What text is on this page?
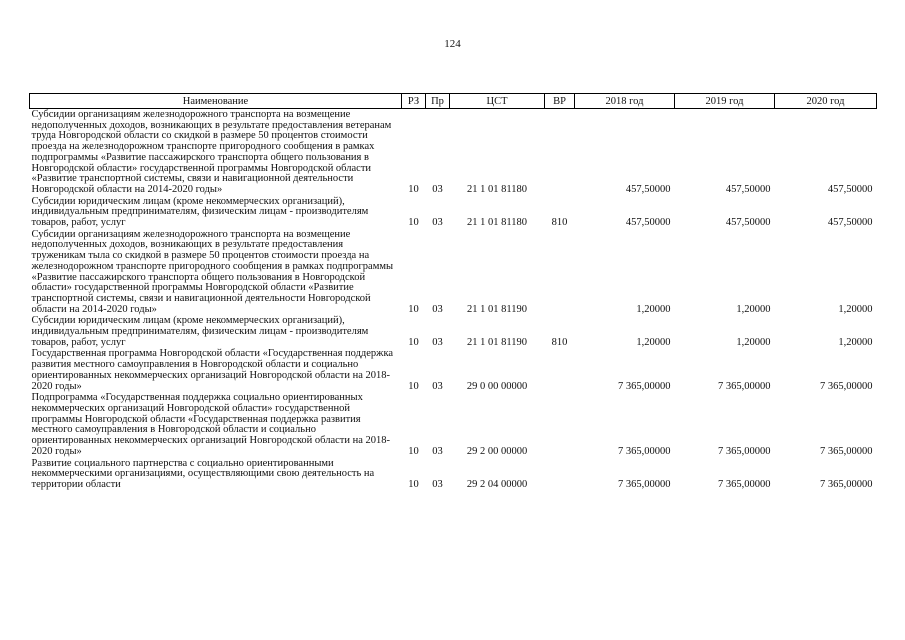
124
Наименование	РЗ	Пр	ЦСТ	ВР	2018 год	2019 год	2020 год
Субсидии организациям железнодорожного транспорта на возмещение недополученных доходов, возникающих в результате предоставления ветеранам труда Новгородской области со скидкой в размере 50 процентов стоимости проезда на железнодорожном транспорте пригородного сообщения в рамках подпрограммы «Развитие пассажирского транспорта общего пользования в Новгородской области» государственной программы Новгородской области «Развитие транспортной системы, связи и навигационной деятельности Новгородской области на 2014-2020 годы»	10	03	21 1 01 81180		457,50000	457,50000	457,50000
Субсидии юридическим лицам (кроме некоммерческих организаций), индивидуальным предпринимателям, физическим лицам - производителям товаров, работ, услуг	10	03	21 1 01 81180	810	457,50000	457,50000	457,50000
Субсидии организациям железнодорожного транспорта на возмещение недополученных доходов, возникающих в результате предоставления труженикам тыла со скидкой в размере 50 процентов стоимости проезда на железнодорожном транспорте пригородного сообщения в рамках подпрограммы «Развитие пассажирского транспорта общего пользования в Новгородской области» государственной программы Новгородской области «Развитие транспортной системы, связи и навигационной деятельности Новгородской области на 2014-2020 годы»	10	03	21 1 01 81190		1,20000	1,20000	1,20000
Субсидии юридическим лицам (кроме некоммерческих организаций), индивидуальным предпринимателям, физическим лицам - производителям товаров, работ, услуг	10	03	21 1 01 81190	810	1,20000	1,20000	1,20000
Государственная программа Новгородской области «Государственная поддержка развития местного самоуправления в Новгородской области и социально ориентированных некоммерческих организаций Новгородской области на 2018-2020 годы»	10	03	29 0 00 00000		7 365,00000	7 365,00000	7 365,00000
Подпрограмма «Государственная поддержка социально ориентированных некоммерческих организаций Новгородской области» государственной программы Новгородской области «Государственная поддержка развития местного самоуправления в Новгородской области и социально ориентированных некоммерческих организаций Новгородской области на 2018-2020 годы»	10	03	29 2 00 00000		7 365,00000	7 365,00000	7 365,00000
Развитие социального партнерства с социально ориентированными некоммерческими организациями, осуществляющими свою деятельность на территории области	10	03	29 2 04 00000		7 365,00000	7 365,00000	7 365,00000
